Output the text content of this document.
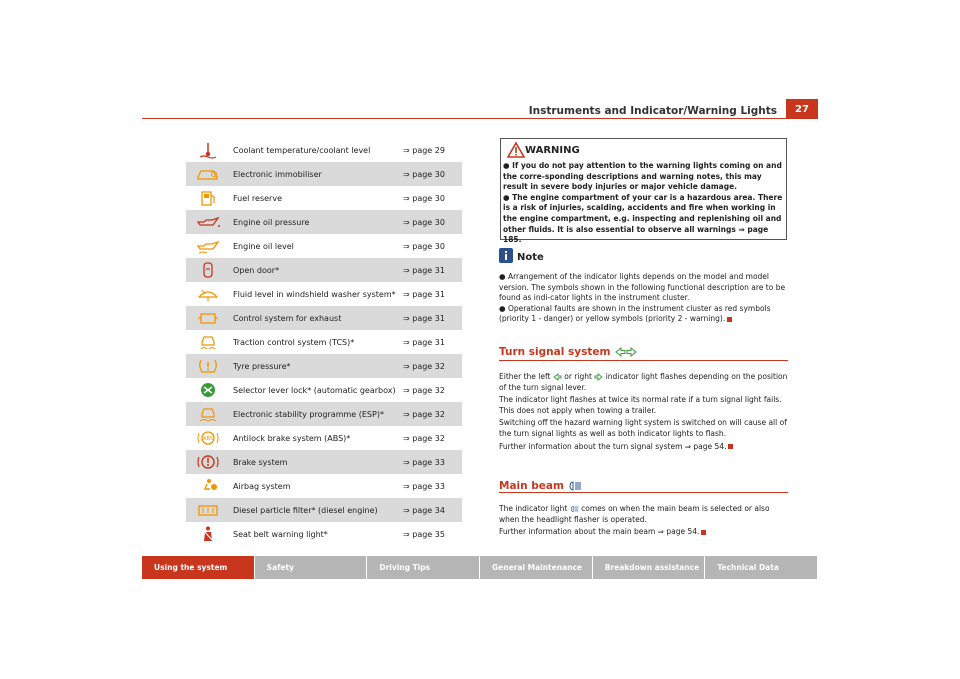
Instruments and Indicator/Warning Lights	27
Coolant temperature/coolant level	⇒ page 29
Electronic immobiliser	⇒ page 30
Fuel reserve	⇒ page 30
Engine oil pressure	⇒ page 30
Engine oil level	⇒ page 30
Open door*	⇒ page 31
Fluid level in windshield washer system* ⇒ page 31
Control system for exhaust	⇒ page 31
Traction control system (TCS)*	⇒ page 31
Tyre pressure*	⇒ page 32
Selector lever lock* (automatic gearbox) ⇒ page 32
Electronic stability programme (ESP)*	⇒ page 32
ABS	Antilock brake system (ABS)*	⇒ page 32
Brake system	⇒ page 33
Airbag system	⇒ page 33
Diesel particle filter* (diesel engine)	⇒ page 34
Seat belt warning light*	⇒ page 35
WARNING
● If you do not pay attention to the warning lights coming on and the corre-sponding descriptions and warning notes, this may result in severe body injuries or major vehicle damage.
● The engine compartment of your car is a hazardous area. There is a risk of injuries, scalding, accidents and fire when working in the engine compartment, e.g. inspecting and replenishing oil and other fluids. It is also essential to observe all warnings ⇒ page 185.
Note
● Arrangement of the indicator lights depends on the model and model version. The symbols shown in the following functional description are to be found as indi-cator lights in the instrument cluster.
● Operational faults are shown in the instrument cluster as red symbols (priority 1 - danger) or yellow symbols (priority 2 - warning).
Turn signal system

Either the left or right indicator light flashes depending on the position of the turn signal lever.

The indicator light flashes at twice its normal rate if a turn signal light fails. This does not apply when towing a trailer.

Switching off the hazard warning light system is switched on will cause all of the turn signal lights as well as both indicator lights to flash.

Further information about the turn signal system ⇒ page 54.

Main beam

The indicator light comes on when the main beam is selected or also when the headlight flasher is operated.

Further information about the main beam ⇒ page 54.

Using the system	Safety	Driving Tips	General Maintenance	Breakdown assistance	Technical Data
